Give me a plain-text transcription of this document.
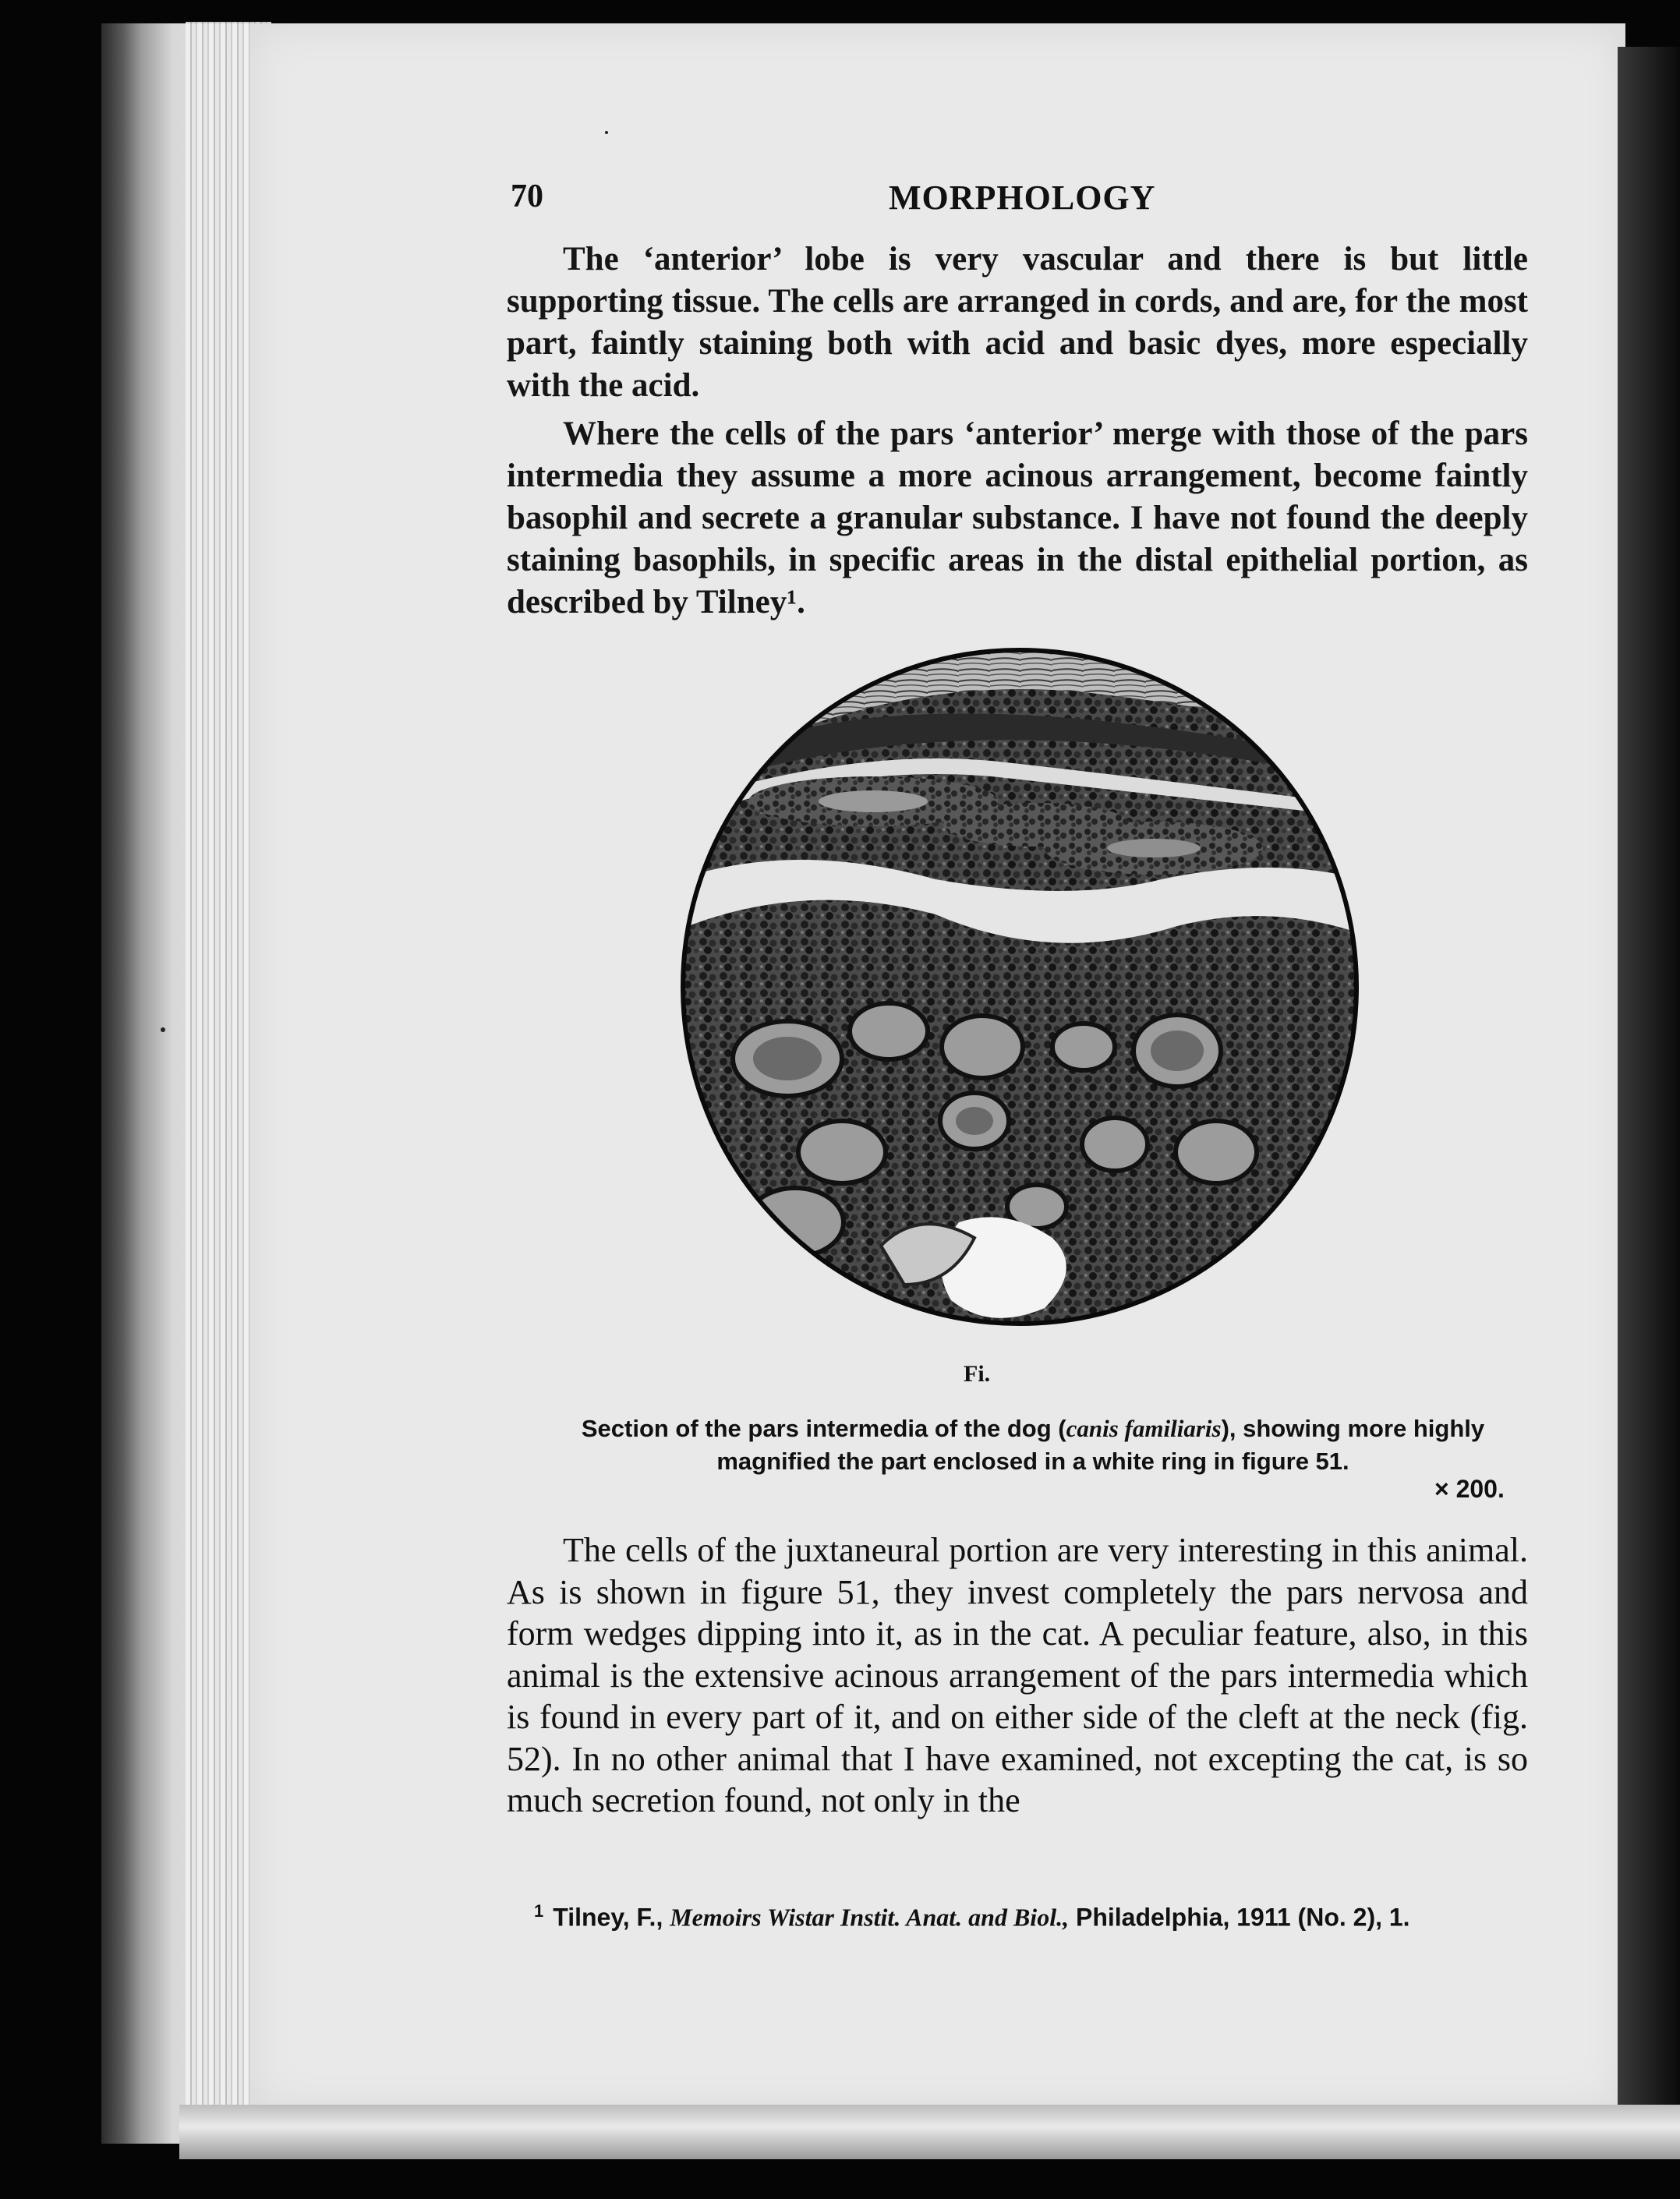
70	MORPHOLOGY
The ‘anterior’ lobe is very vascular and there is but little supporting tissue. The cells are arranged in cords, and are, for the most part, faintly staining both with acid and basic dyes, more especially with the acid.
Where the cells of the pars ‘anterior’ merge with those of the pars intermedia they assume a more acinous arrangement, become faintly basophil and secrete a granular substance. I have not found the deeply staining basophils, in specific areas in the distal epithelial portion, as described by Tilney¹.
Fi.
Section of the pars intermedia of the dog (canis familiaris), showing more highly magnified the part enclosed in a white ring in figure 51.
× 200.
The cells of the juxtaneural portion are very interesting in this animal. As is shown in figure 51, they invest completely the pars nervosa and form wedges dipping into it, as in the cat. A peculiar feature, also, in this animal is the extensive acinous arrangement of the pars intermedia which is found in every part of it, and on either side of the cleft at the neck (fig. 52). In no other animal that I have examined, not excepting the cat, is so much secretion found, not only in the
$^1$ Tilney, F., Memoirs Wistar Instit. Anat. and Biol., Philadelphia, 1911 (No. 2), 1.
